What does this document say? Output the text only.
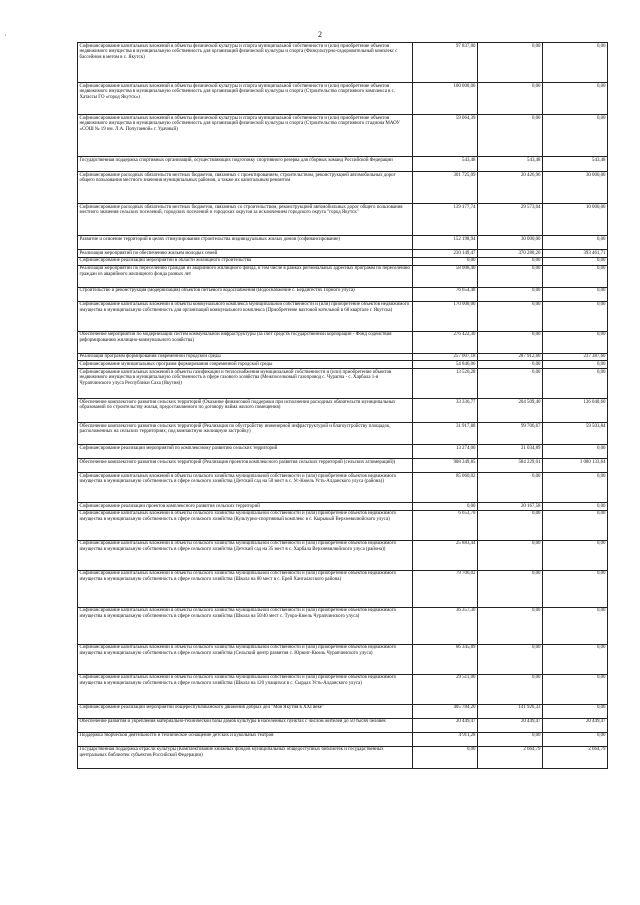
2
·
Софинансирование капитальных вложений в объекты физической культуры и спорта муниципальной собственности и (или) приобретение объектов недвижимого имущества в муниципальную собственность для организаций физической культуры и спорта (Физкультурно-оздоровительный комплекс с бассейном в метом в с. Якутск)	97 837,00	0,00	0,00
Софинансирование капитальных вложений в объекты физической культуры и спорта муниципальной собственности и (или) приобретение объектов недвижимого имущества в муниципальную собственность для организаций физической культуры и спорта (Строительство спортивного комплекса в с. Хатассы ГО «город Якутск»)	100 000,00	0,00	0,00
Софинансирование капитальных вложений в объекты физической культуры и спорта муниципальной собственности и (или) приобретение объектов недвижимого имущества в муниципальную собственность для организаций физической культуры и спорта (Строительство спортивного стадиона МАОУ «СОШ № 19 им. Л.А. Попугаевой» г. Удачный)	59 064,39	0,00	0,00
Государственная поддержка спортивных организаций, осуществляющих подготовку спортивного резерва для сборных команд Российской Федерации	543,48	543,48	543,48
Софинансирование расходных обязательств местных бюджетов, связанных с проектированием, строительством, реконструкцией автомобильных дорог общего пользования местного значения муниципальных районов, а также их капитальным ремонтом	301 725,09	20 426,96	30 000,00
Софинансирование расходных обязательств местных бюджетов, связанных со строительством, реконструкцией автомобильных дорог общего пользования местного значения сельских поселений, городских поселений и городских округов за исключением городского округа "город Якутск"	139 177,74	29 573,04	10 000,00
Развитие и освоение территорий в целях стимулирования строительства индивидуальных жилых домов (софинансирование)	152 198,94	30 000,00	0,00
Реализация мероприятий по обеспечению жильем молодых семей	230 149,47	370 280,20	393 461,71
Софинансирование реализации мероприятий в области жилищного строительства	0,00	0,00	0,00
Реализация мероприятий по переселению граждан из аварийного жилищного фонда, в том числе в рамках региональных адресных программ по переселению граждан из аварийного жилищного фонда разных лет	58 008,40	0,00	0,00
Строительство и реконструкция (модернизация) объектов питьевого водоснабжения (Водоснабжение с. Бердигестях Горного улуса)	76 654,48	0,00	0,00
Софинансирование капитальных вложений в объекты коммунального комплекса муниципальной собственности и (или) приобретение объектов недвижимого имущества в муниципальную собственность для организаций коммунального комплекса (Приобретение вахтовой котельной в 68 квартале г. Якутска)	170 000,00	0,00	0,00
Обеспечение мероприятий по модернизации систем коммунальной инфраструктуры (за счет средств государственной корпорации - Фонд содействия реформированию жилищно-коммунального хозяйства)	276 422,30	0,00	0,00
Реализация программ формирования современной городской среды	257 007,18	287 912,60	237 387,60
Софинансирование муниципальных программ формирования современной городской среды	54 846,06	0,00	0,00
Софинансирование капитальных вложений в объекты газификации и теплоснабжения муниципальной собственности и (или) приобретение объектов недвижимого имущества в муниципальную собственность в сфере газового хозяйства (Межпоселковый газопровод с. Чурапча - с. Харбала 1-я Чурапчинского улуса Республики Саха (Якутия))	13 520,28	0,00	0,00
Обеспечение комплексного развития сельских территорий (Оказание финансовой поддержки при исполнении расходных обязательств муниципальных образований по строительству жилья, предоставляемого по договору найма жилого помещения)	33 336,77	204 509,40	136 040,60
Обеспечение комплексного развития сельских территорий (Реализация по обустройству инженерной инфраструктурой и благоустройству площадок, расположенных на сельских территориях, под компактную жилищную застройку)	31 917,88	99 706,67	59 503,84
Софинансирование реализации мероприятий по комплексному развитию сельских территорий	13 274,00	21 034,89	0,00
Обеспечение комплексного развития сельских территорий (Реализация проектов комплексного развития сельских территорий (сельских агломераций))	908 349,85	584 229,01	1 080 133,64
Софинансирование капитальных вложений в объекты сельского хозяйства муниципальной собственности и (или) приобретение объектов недвижимого имущества в муниципальную собственность в сфере сельского хозяйства (Детский сад на 50 мест в с. Ус-Кюель Усть-Алданского улуса (района))	85 060,02	0,00	0,00
Софинансирование реализации проектов комплексного развития сельских территорий	0,00	20 167,58	0,00
Софинансирование капитальных вложений в объекты сельского хозяйства муниципальной собственности и (или) приобретение объектов недвижимого имущества в муниципальную собственность в сфере сельского хозяйства (Культурно-спортивный комплекс в с. Кырыкый Верхневилюйского улуса)	6 653,70	0,00	0,00
Софинансирование капитальных вложений в объекты сельского хозяйства муниципальной собственности и (или) приобретение объектов недвижимого имущества в муниципальную собственность в сфере сельского хозяйства (Детский сад на 35 мест в с. Харбала Верхневилюйского улуса (района))	25 883,44	0,00	0,00
Софинансирование капитальных вложений в объекты сельского хозяйства муниципальной собственности и (или) приобретение объектов недвижимого имущества в муниципальную собственность в сфере сельского хозяйства (Школа на 80 мест в с. Ерей Хангаласского района)	79 706,02	0,00	0,00
Софинансирование капитальных вложений в объекты сельского хозяйства муниципальной собственности и (или) приобретение объектов недвижимого имущества в муниципальную собственность в сфере сельского хозяйства (Школа на 50/40 мест с. Туора-Кюель Чурапчинского улуса)	36 357,30	0,00	0,00
Софинансирование капитальных вложений в объекты сельского хозяйства муниципальной собственности и (или) приобретение объектов недвижимого имущества в муниципальную собственность в сфере сельского хозяйства (Сельский центр развития с. Юрюнг-Кюель Чурапчинского улуса)	86 345,89	0,00	0,00
Софинансирование капитальных вложений в объекты сельского хозяйства муниципальной собственности и (или) приобретение объектов недвижимого имущества в муниципальную собственность в сфере сельского хозяйства (Школа на 120 учащихся в с. Сырдах Усть-Алданского улуса)	29 511,00	0,00	0,00
Софинансирование реализации мероприятий общереспубликанского движения добрых дел "Моя Якутия в XXI веке"	405 784,20	141 926,33	0,00
Обеспечение развития и укрепления материально-технической базы домов культуры в населенных пунктах с числом жителей до 50 тысяч человек	20 449,47	20 449,47	20 449,47
Поддержка творческой деятельности и техническое оснащение детских и кукольных театров	4 911,28	0,00	0,00
Государственная поддержка отрасли культуры (Комплектование книжных фондов муниципальных общедоступных библиотек и государственных центральных библиотек субъектов Российской Федерации)	0,00	2 664,79	2 664,79
